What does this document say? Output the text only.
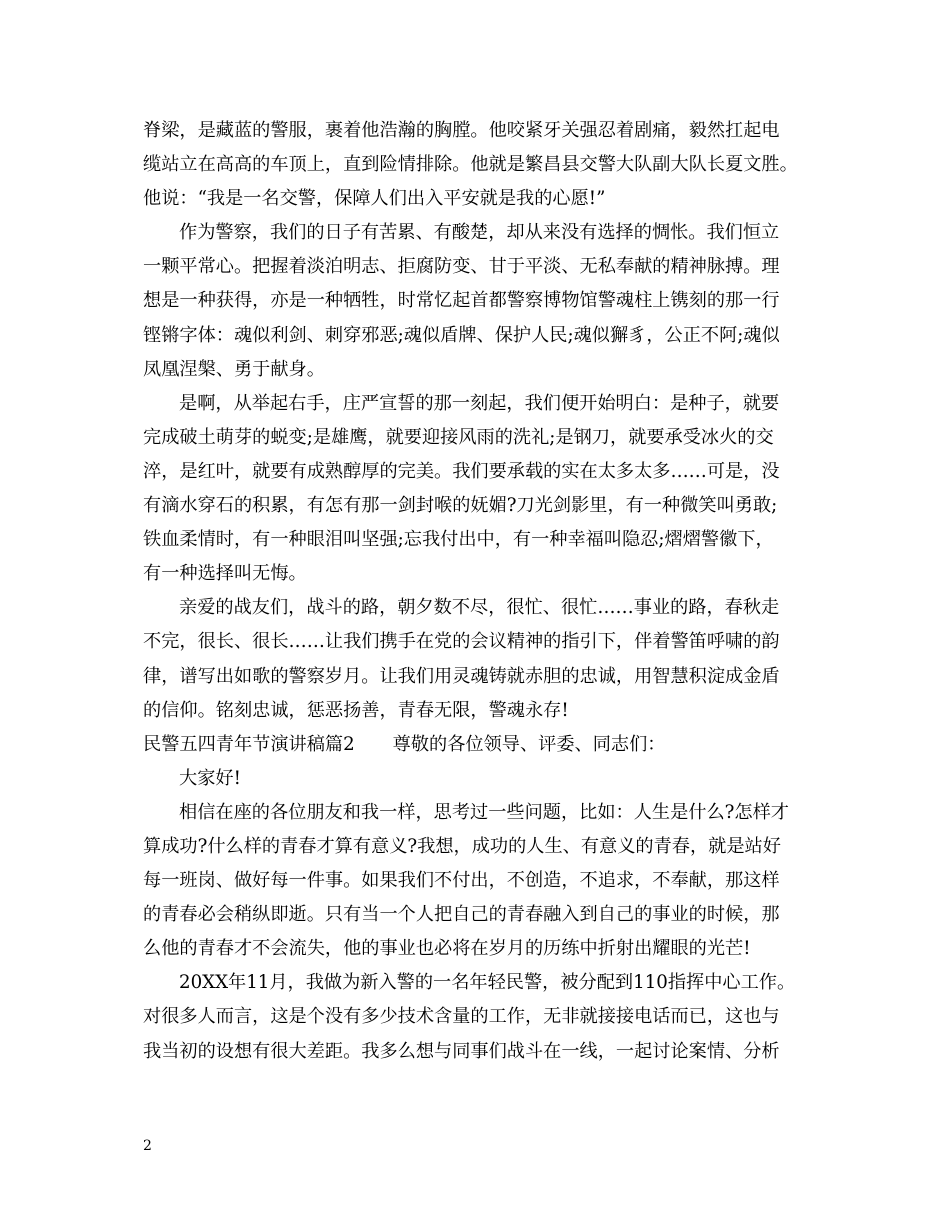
脊梁，是藏蓝的警服，裹着他浩瀚的胸膛。他咬紧牙关强忍着剧痛，毅然扛起电
缆站立在高高的车顶上，直到险情排除。他就是繁昌县交警大队副大队长夏文胜。
他说：“我是一名交警，保障人们出入平安就是我的心愿!”
作为警察，我们的日子有苦累、有酸楚，却从来没有选择的惆怅。我们恒立
一颗平常心。把握着淡泊明志、拒腐防变、甘于平淡、无私奉献的精神脉搏。理
想是一种获得，亦是一种牺牲，时常忆起首都警察博物馆警魂柱上镌刻的那一行
铿锵字体：魂似利剑、刺穿邪恶;魂似盾牌、保护人民;魂似獬豸，公正不阿;魂似
凤凰涅槃、勇于献身。
是啊，从举起右手，庄严宣誓的那一刻起，我们便开始明白：是种子，就要
完成破土萌芽的蜕变;是雄鹰，就要迎接风雨的洗礼;是钢刀，就要承受冰火的交
淬，是红叶，就要有成熟醇厚的完美。我们要承载的实在太多太多……可是，没
有滴水穿石的积累，有怎有那一剑封喉的妩媚?刀光剑影里，有一种微笑叫勇敢;
铁血柔情时，有一种眼泪叫坚强;忘我付出中，有一种幸福叫隐忍;熠熠警徽下，
有一种选择叫无悔。
亲爱的战友们，战斗的路，朝夕数不尽，很忙、很忙……事业的路，春秋走
不完，很长、很长……让我们携手在党的会议精神的指引下，伴着警笛呼啸的韵
律，谱写出如歌的警察岁月。让我们用灵魂铸就赤胆的忠诚，用智慧积淀成金盾
的信仰。铭刻忠诚，惩恶扬善，青春无限，警魂永存!
民警五四青年节演讲稿篇2 尊敬的各位领导、评委、同志们：
大家好!
相信在座的各位朋友和我一样，思考过一些问题，比如：人生是什么?怎样才
算成功?什么样的青春才算有意义?我想，成功的人生、有意义的青春，就是站好
每一班岗、做好每一件事。如果我们不付出，不创造，不追求，不奉献，那这样
的青春必会稍纵即逝。只有当一个人把自己的青春融入到自己的事业的时候，那
么他的青春才不会流失，他的事业也必将在岁月的历练中折射出耀眼的光芒!
20XX年11月，我做为新入警的一名年轻民警，被分配到110指挥中心工作。
对很多人而言，这是个没有多少技术含量的工作，无非就接接电话而已，这也与
我当初的设想有很大差距。我多么想与同事们战斗在一线，一起讨论案情、分析
2
